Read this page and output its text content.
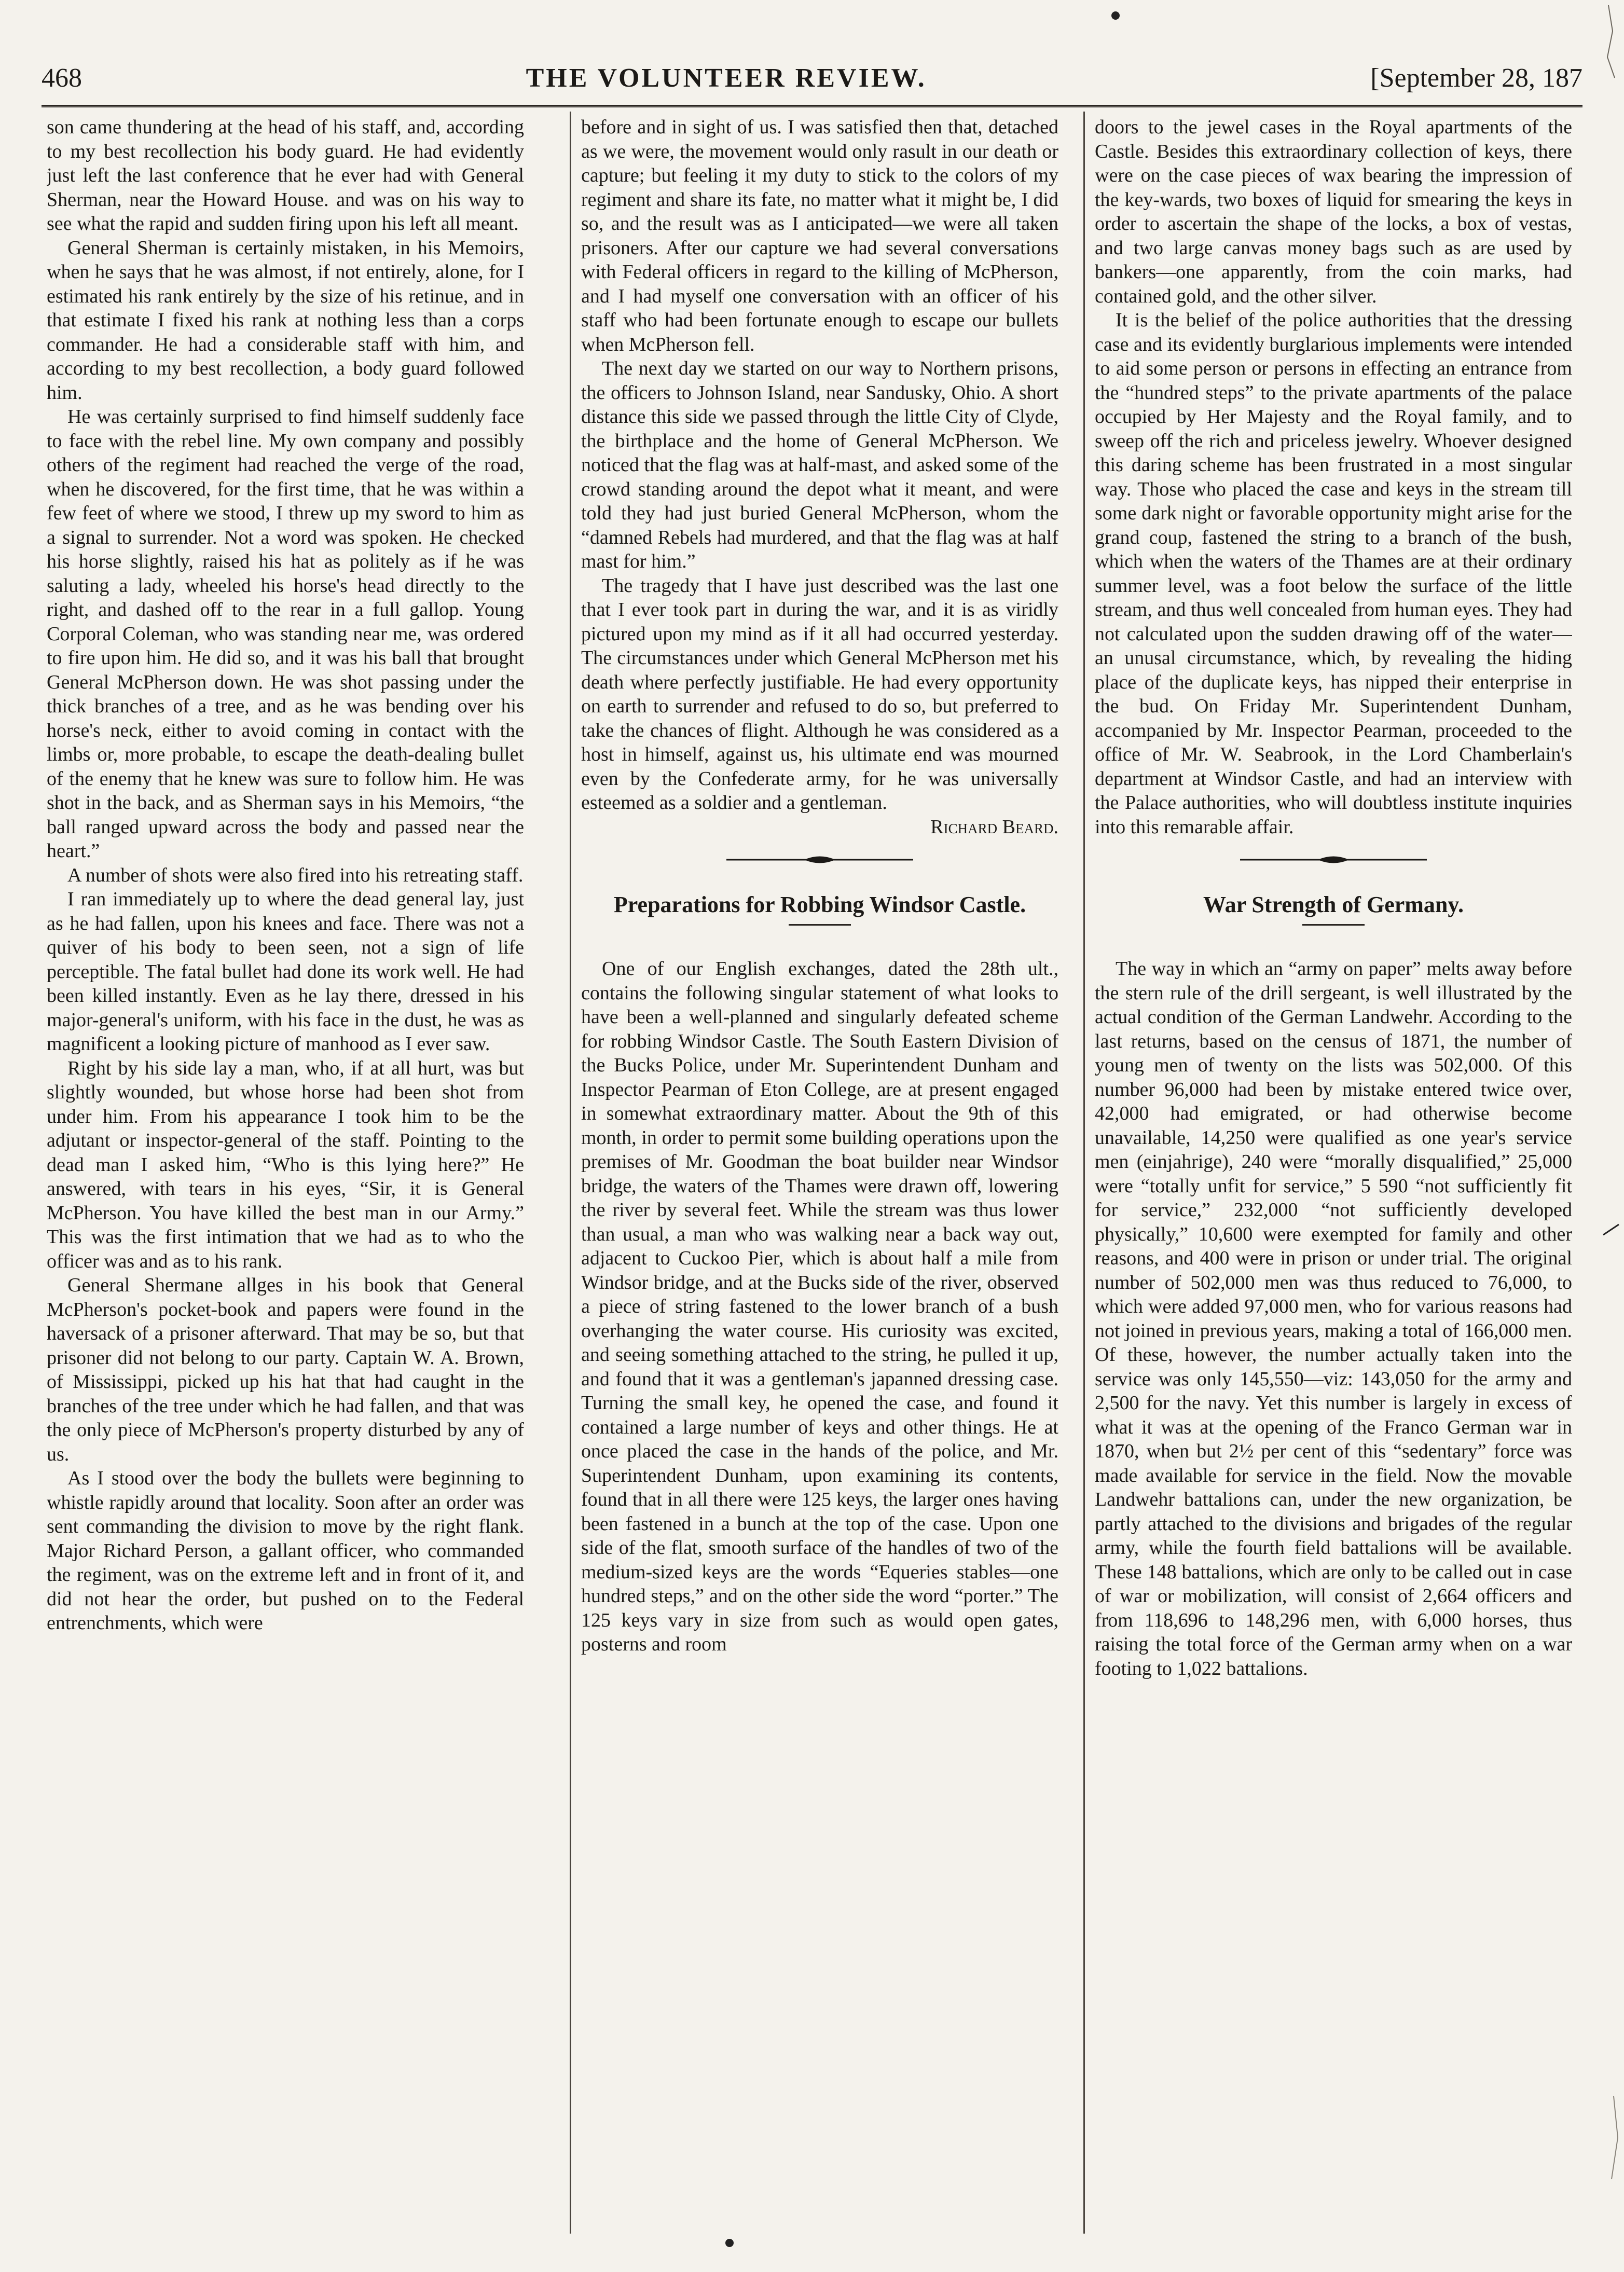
468	THE VOLUNTEER REVIEW.	[September 28, 187

son came thundering at the head of his staff, and, according to my best recollection his body guard. He had evidently just left the last conference that he ever had with General Sherman, near the Howard House. and was on his way to see what the rapid and sudden firing upon his left all meant.

General Sherman is certainly mistaken, in his Memoirs, when he says that he was almost, if not entirely, alone, for I estimated his rank entirely by the size of his retinue, and in that estimate I fixed his rank at nothing less than a corps commander. He had a considerable staff with him, and according to my best recollection, a body guard followed him.

He was certainly surprised to find himself suddenly face to face with the rebel line. My own company and possibly others of the regiment had reached the verge of the road, when he discovered, for the first time, that he was within a few feet of where we stood, I threw up my sword to him as a signal to surrender. Not a word was spoken. He checked his horse slightly, raised his hat as politely as if he was saluting a lady, wheeled his horse's head directly to the right, and dashed off to the rear in a full gallop. Young Corporal Coleman, who was standing near me, was ordered to fire upon him. He did so, and it was his ball that brought General McPherson down. He was shot passing under the thick branches of a tree, and as he was bending over his horse's neck, either to avoid coming in contact with the limbs or, more probable, to escape the death-dealing bullet of the enemy that he knew was sure to follow him. He was shot in the back, and as Sherman says in his Memoirs, “the ball ranged upward across the body and passed near the heart.”

A number of shots were also fired into his retreating staff.

I ran immediately up to where the dead general lay, just as he had fallen, upon his knees and face. There was not a quiver of his body to been seen, not a sign of life perceptible. The fatal bullet had done its work well. He had been killed instantly. Even as he lay there, dressed in his major-general's uniform, with his face in the dust, he was as magnificent a looking picture of manhood as I ever saw.

Right by his side lay a man, who, if at all hurt, was but slightly wounded, but whose horse had been shot from under him. From his appearance I took him to be the adjutant or inspector-general of the staff. Pointing to the dead man I asked him, “Who is this lying here?” He answered, with tears in his eyes, “Sir, it is General McPherson. You have killed the best man in our Army.” This was the first intimation that we had as to who the officer was and as to his rank.

General Shermane allges in his book that General McPherson's pocket-book and papers were found in the haversack of a prisoner afterward. That may be so, but that prisoner did not belong to our party. Captain W. A. Brown, of Mississippi, picked up his hat that had caught in the branches of the tree under which he had fallen, and that was the only piece of McPherson's property disturbed by any of us.

As I stood over the body the bullets were beginning to whistle rapidly around that locality. Soon after an order was sent commanding the division to move by the right flank. Major Richard Person, a gallant officer, who commanded the regiment, was on the extreme left and in front of it, and did not hear the order, but pushed on to the Federal entrenchments, which were

before and in sight of us. I was satisfied then that, detached as we were, the movement would only rasult in our death or capture; but feeling it my duty to stick to the colors of my regiment and share its fate, no matter what it might be, I did so, and the result was as I anticipated—we were all taken prisoners. After our capture we had several conversations with Federal officers in regard to the killing of McPherson, and I had myself one conversation with an officer of his staff who had been fortunate enough to escape our bullets when McPherson fell.

The next day we started on our way to Northern prisons, the officers to Johnson Island, near Sandusky, Ohio. A short distance this side we passed through the little City of Clyde, the birthplace and the home of General McPherson. We noticed that the flag was at half-mast, and asked some of the crowd standing around the depot what it meant, and were told they had just buried General McPherson, whom the “damned Rebels had murdered, and that the flag was at half mast for him.”

The tragedy that I have just described was the last one that I ever took part in during the war, and it is as viridly pictured upon my mind as if it all had occurred yesterday. The circumstances under which General McPherson met his death where perfectly justifiable. He had every opportunity on earth to surrender and refused to do so, but preferred to take the chances of flight. Although he was considered as a host in himself, against us, his ultimate end was mourned even by the Confederate army, for he was universally esteemed as a soldier and a gentleman.

Richard Beard.

Preparations for Robbing Windsor Castle.

One of our English exchanges, dated the 28th ult., contains the following singular statement of what looks to have been a well-planned and singularly defeated scheme for robbing Windsor Castle. The South Eastern Division of the Bucks Police, under Mr. Superintendent Dunham and Inspector Pearman of Eton College, are at present engaged in somewhat extraordinary matter. About the 9th of this month, in order to permit some building operations upon the premises of Mr. Goodman the boat builder near Windsor bridge, the waters of the Thames were drawn off, lowering the river by several feet. While the stream was thus lower than usual, a man who was walking near a back way out, adjacent to Cuckoo Pier, which is about half a mile from Windsor bridge, and at the Bucks side of the river, observed a piece of string fastened to the lower branch of a bush overhanging the water course. His curiosity was excited, and seeing something attached to the string, he pulled it up, and found that it was a gentleman's japanned dressing case. Turning the small key, he opened the case, and found it contained a large number of keys and other things. He at once placed the case in the hands of the police, and Mr. Superintendent Dunham, upon examining its contents, found that in all there were 125 keys, the larger ones having been fastened in a bunch at the top of the case. Upon one side of the flat, smooth surface of the handles of two of the medium-sized keys are the words “Equeries stables—one hundred steps,” and on the other side the word “porter.” The 125 keys vary in size from such as would open gates, posterns and room

doors to the jewel cases in the Royal apartments of the Castle. Besides this extraordinary collection of keys, there were on the case pieces of wax bearing the impression of the key-wards, two boxes of liquid for smearing the keys in order to ascertain the shape of the locks, a box of vestas, and two large canvas money bags such as are used by bankers—one apparently, from the coin marks, had contained gold, and the other silver.

It is the belief of the police authorities that the dressing case and its evidently burglarious implements were intended to aid some person or persons in effecting an entrance from the “hundred steps” to the private apartments of the palace occupied by Her Majesty and the Royal family, and to sweep off the rich and priceless jewelry. Whoever designed this daring scheme has been frustrated in a most singular way. Those who placed the case and keys in the stream till some dark night or favorable opportunity might arise for the grand coup, fastened the string to a branch of the bush, which when the waters of the Thames are at their ordinary summer level, was a foot below the surface of the little stream, and thus well concealed from human eyes. They had not calculated upon the sudden drawing off of the water—an unusal circumstance, which, by revealing the hiding place of the duplicate keys, has nipped their enterprise in the bud. On Friday Mr. Superintendent Dunham, accompanied by Mr. Inspector Pearman, proceeded to the office of Mr. W. Seabrook, in the Lord Chamberlain's department at Windsor Castle, and had an interview with the Palace authorities, who will doubtless institute inquiries into this remarable affair.

War Strength of Germany.

The way in which an “army on paper” melts away before the stern rule of the drill sergeant, is well illustrated by the actual condition of the German Landwehr. According to the last returns, based on the census of 1871, the number of young men of twenty on the lists was 502,000. Of this number 96,000 had been by mistake entered twice over, 42,000 had emigrated, or had otherwise become unavailable, 14,250 were qualified as one year's service men (einjahrige), 240 were “morally disqualified,” 25,000 were “totally unfit for service,” 5 590 “not sufficiently fit for service,” 232,000 “not sufficiently developed physically,” 10,600 were exempted for family and other reasons, and 400 were in prison or under trial. The original number of 502,000 men was thus reduced to 76,000, to which were added 97,000 men, who for various reasons had not joined in previous years, making a total of 166,000 men. Of these, however, the number actually taken into the service was only 145,550—viz: 143,050 for the army and 2,500 for the navy. Yet this number is largely in excess of what it was at the opening of the Franco German war in 1870, when but 2½ per cent of this “sedentary” force was made available for service in the field. Now the movable Landwehr battalions can, under the new organization, be partly attached to the divisions and brigades of the regular army, while the fourth field battalions will be available. These 148 battalions, which are only to be called out in case of war or mobilization, will consist of 2,664 officers and from 118,696 to 148,296 men, with 6,000 horses, thus raising the total force of the German army when on a war footing to 1,022 battalions.
